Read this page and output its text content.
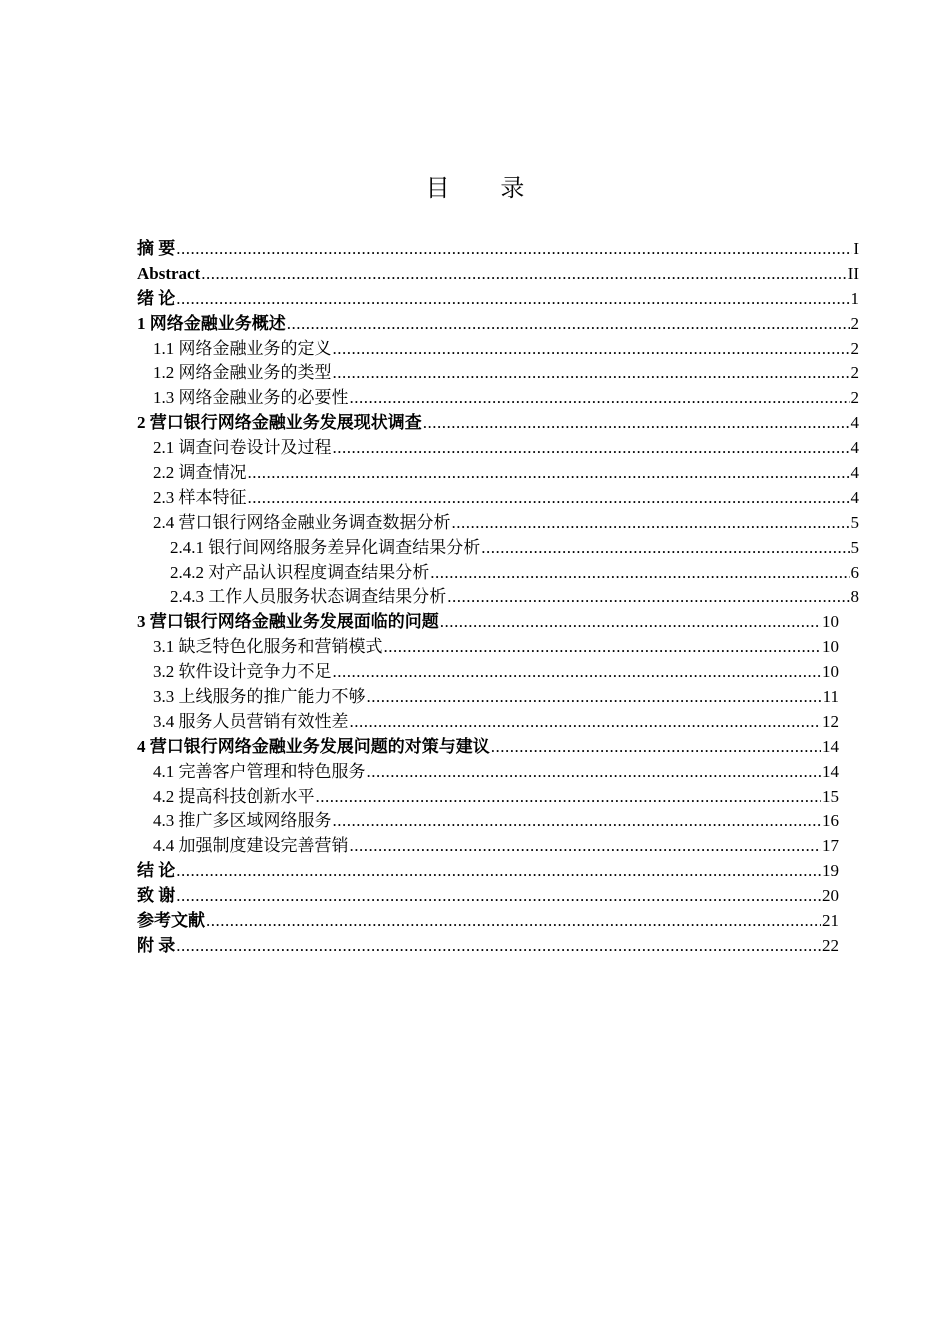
目 录
摘 要 .....	I
Abstract .....	II
绪 论 .....	1
1 网络金融业务概述 .....	2
1.1 网络金融业务的定义 .....	2
1.2 网络金融业务的类型 .....	2
1.3 网络金融业务的必要性 .....	2
2 营口银行网络金融业务发展现状调查 .....	4
2.1 调查问卷设计及过程 .....	4
2.2 调查情况 .....	4
2.3 样本特征 .....	4
2.4 营口银行网络金融业务调查数据分析 .....	5
2.4.1 银行间网络服务差异化调查结果分析 .....	5
2.4.2 对产品认识程度调查结果分析 .....	6
2.4.3 工作人员服务状态调查结果分析 .....	8
3 营口银行网络金融业务发展面临的问题 .....	10
3.1 缺乏特色化服务和营销模式 .....	10
3.2 软件设计竞争力不足 .....	10
3.3 上线服务的推广能力不够 .....	11
3.4 服务人员营销有效性差 .....	12
4 营口银行网络金融业务发展问题的对策与建议 .....	14
4.1 完善客户管理和特色服务 .....	14
4.2 提高科技创新水平 .....	15
4.3 推广多区域网络服务 .....	16
4.4 加强制度建设完善营销 .....	17
结 论 .....	19
致 谢 .....	20
参考文献 .....	21
附 录 .....	22
